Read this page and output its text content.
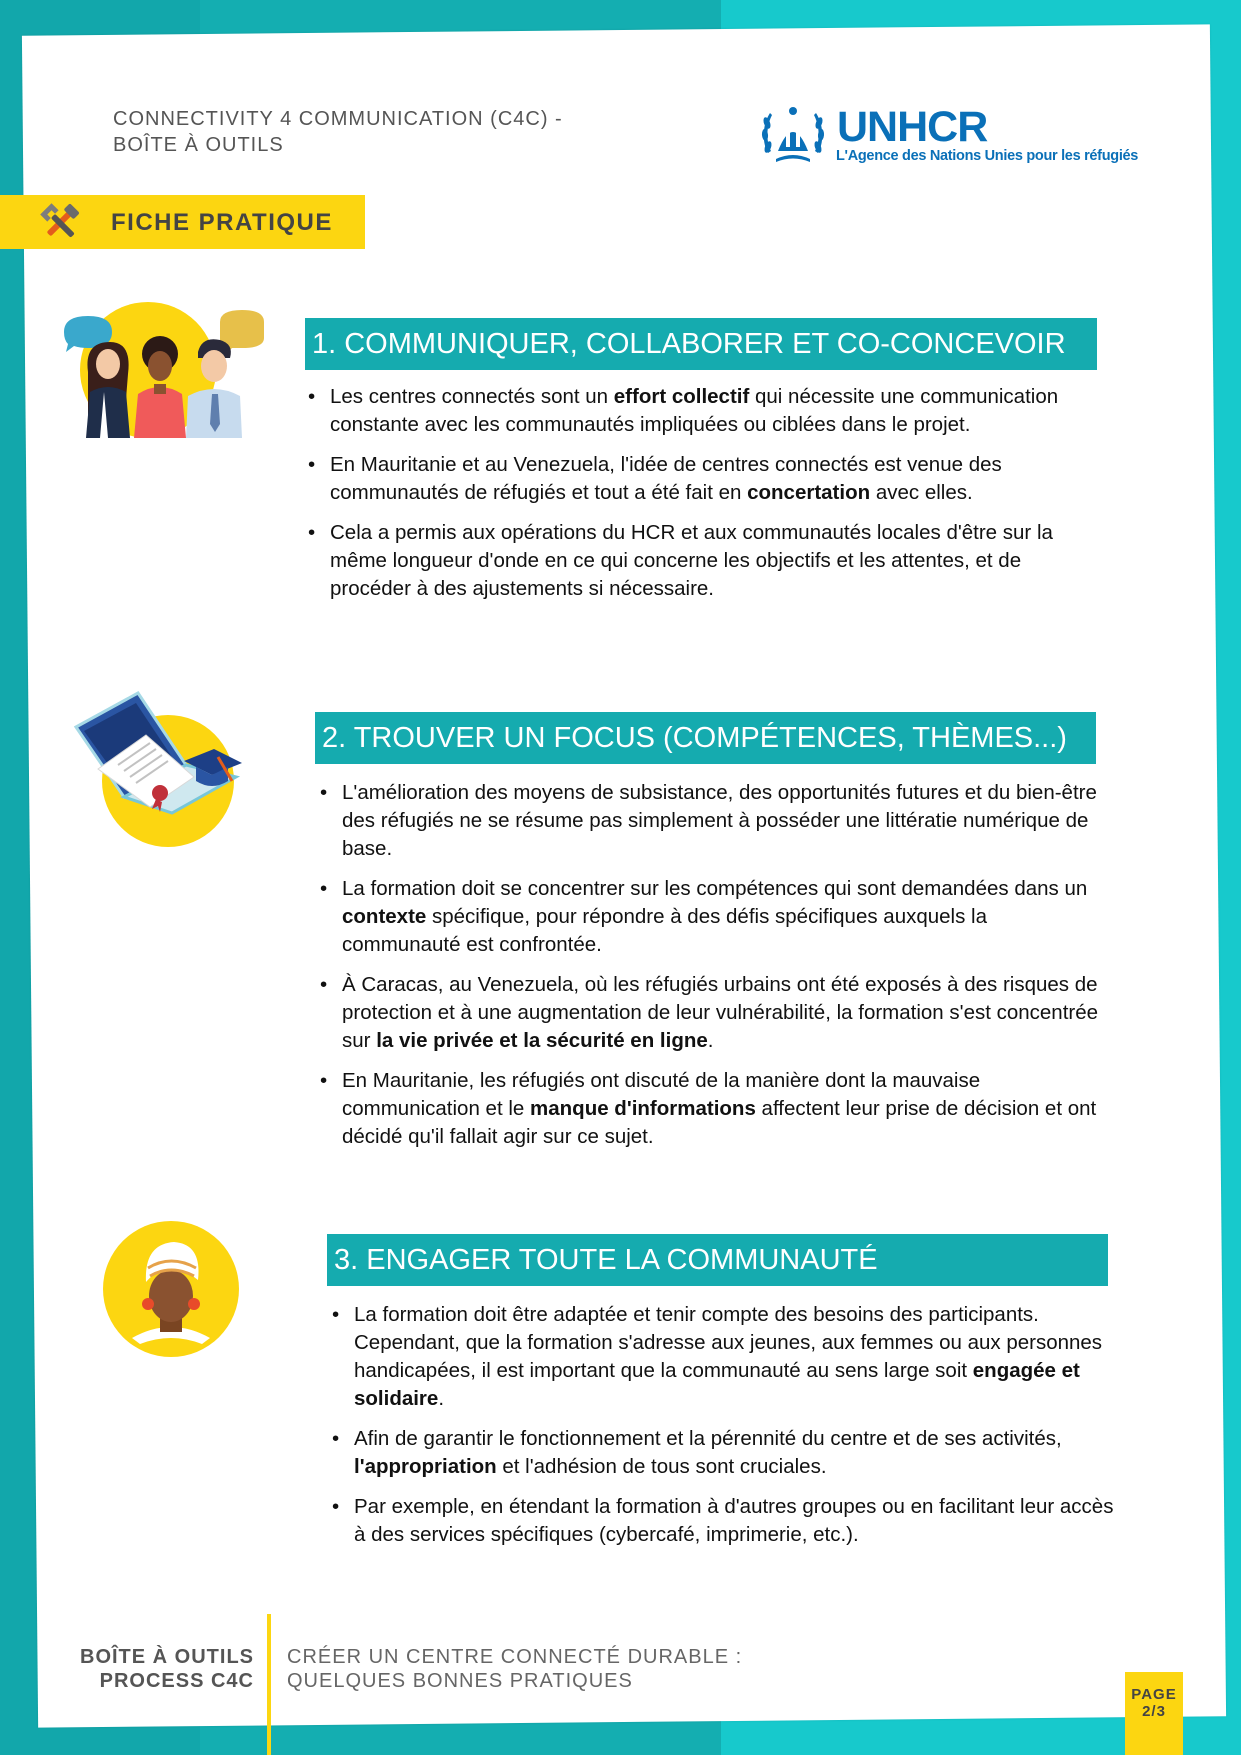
CONNECTIVITY 4 COMMUNICATION (C4C) -
BOÎTE À OUTILS	UNHCR
L'Agence des Nations Unies pour les réfugiés
FICHE PRATIQUE
1. COMMUNIQUER, COLLABORER ET CO-CONCEVOIR
• Les centres connectés sont un effort collectif qui nécessite une communication constante avec les communautés impliquées ou ciblées dans le projet.
• En Mauritanie et au Venezuela, l'idée de centres connectés est venue des communautés de réfugiés et tout a été fait en concertation avec elles.
• Cela a permis aux opérations du HCR et aux communautés locales d'être sur la même longueur d'onde en ce qui concerne les objectifs et les attentes, et de procéder à des ajustements si nécessaire.
2. TROUVER UN FOCUS (COMPÉTENCES, THÈMES...)
• L'amélioration des moyens de subsistance, des opportunités futures et du bien-être des réfugiés ne se résume pas simplement à posséder une littératie numérique de base.
• La formation doit se concentrer sur les compétences qui sont demandées dans un contexte spécifique, pour répondre à des défis spécifiques auxquels la communauté est confrontée.
• À Caracas, au Venezuela, où les réfugiés urbains ont été exposés à des risques de protection et à une augmentation de leur vulnérabilité, la formation s'est concentrée sur la vie privée et la sécurité en ligne.
• En Mauritanie, les réfugiés ont discuté de la manière dont la mauvaise communication et le manque d'informations affectent leur prise de décision et ont décidé qu'il fallait agir sur ce sujet.
3. ENGAGER TOUTE LA COMMUNAUTÉ
• La formation doit être adaptée et tenir compte des besoins des participants. Cependant, que la formation s'adresse aux jeunes, aux femmes ou aux personnes handicapées, il est important que la communauté au sens large soit engagée et solidaire.
• Afin de garantir le fonctionnement et la pérennité du centre et de ses activités, l'appropriation et l'adhésion de tous sont cruciales.
• Par exemple, en étendant la formation à d'autres groupes ou en facilitant leur accès à des services spécifiques (cybercafé, imprimerie, etc.).
BOÎTE À OUTILS
PROCESS C4C
CRÉER UN CENTRE CONNECTÉ DURABLE :
QUELQUES BONNES PRATIQUES
PAGE
2/3
